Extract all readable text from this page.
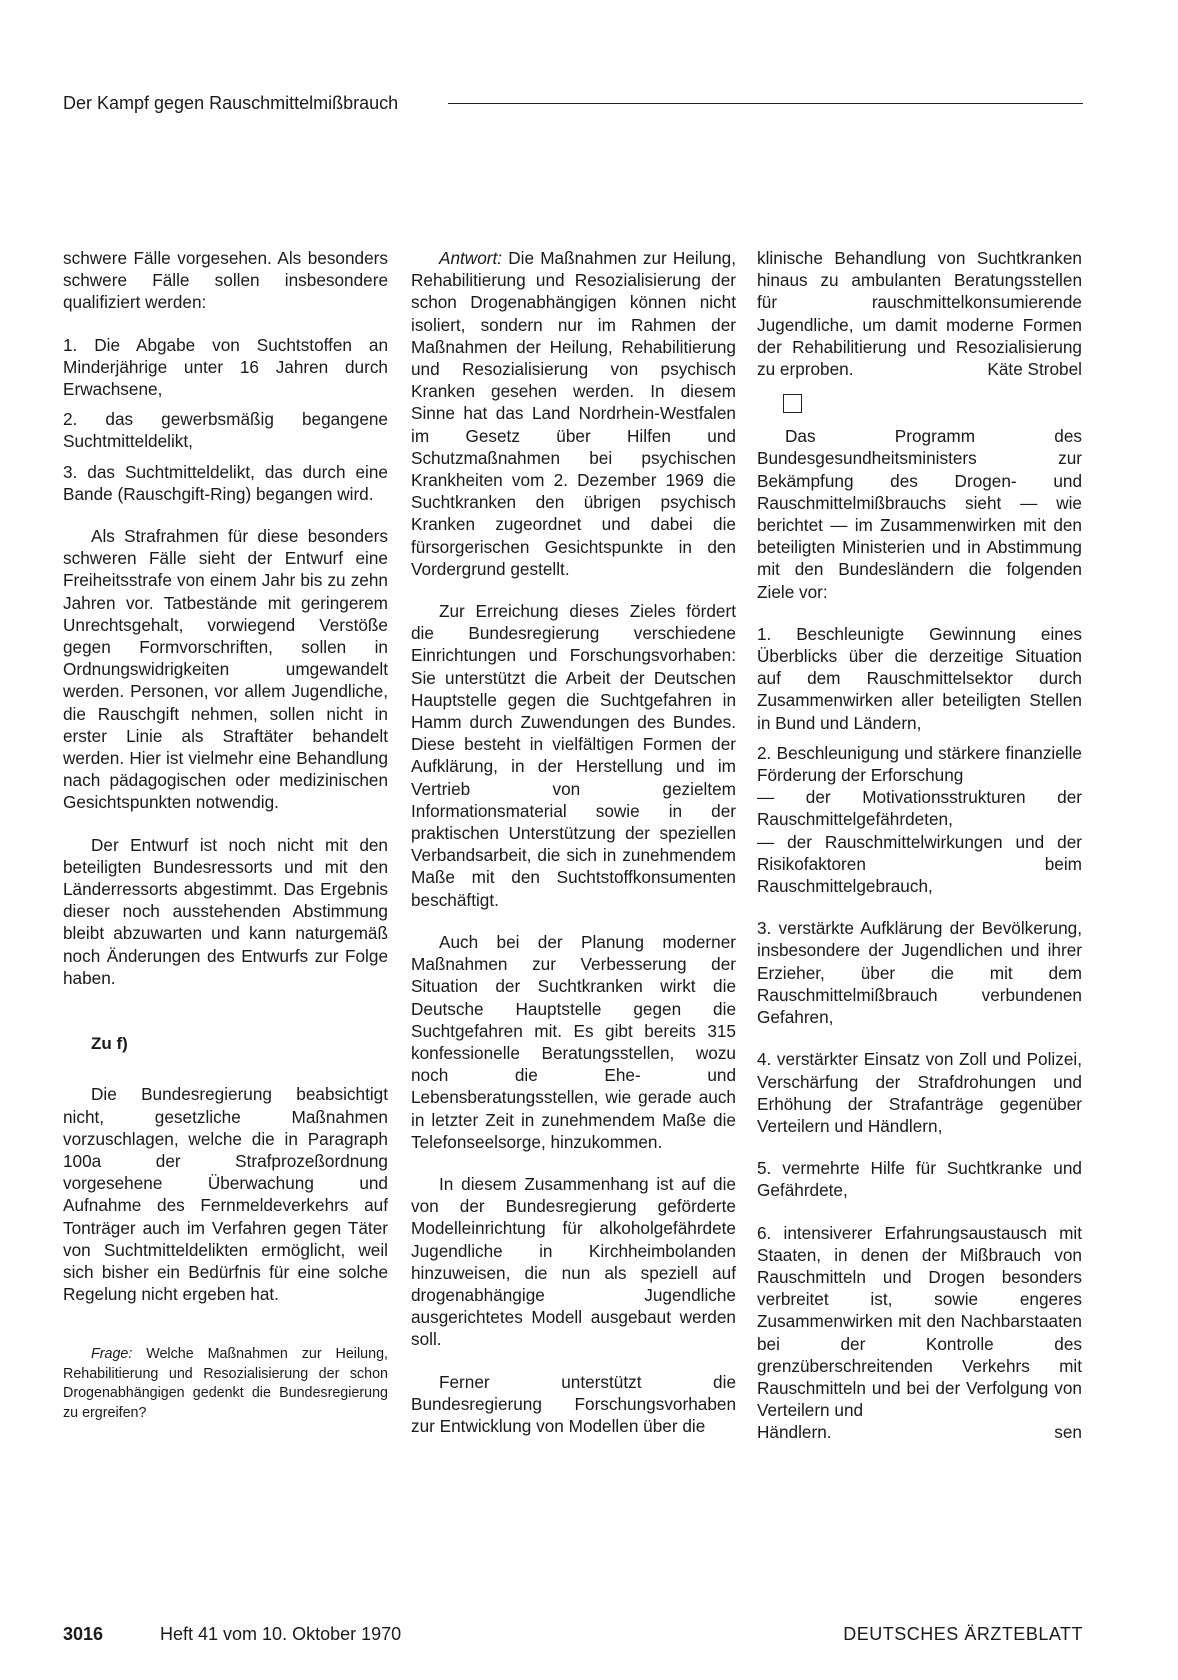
Der Kampf gegen Rauschmittelmißbrauch

schwere Fälle vorgesehen. Als besonders schwere Fälle sollen insbesondere qualifiziert werden:

1. Die Abgabe von Suchtstoffen an Minderjährige unter 16 Jahren durch Erwachsene,

2. das gewerbsmäßig begangene Suchtmitteldelikt,

3. das Suchtmitteldelikt, das durch eine Bande (Rauschgift-Ring) begangen wird.

Als Strafrahmen für diese besonders schweren Fälle sieht der Entwurf eine Freiheitsstrafe von einem Jahr bis zu zehn Jahren vor. Tatbestände mit geringerem Unrechtsgehalt, vorwiegend Verstöße gegen Formvorschriften, sollen in Ordnungswidrigkeiten umgewandelt werden. Personen, vor allem Jugendliche, die Rauschgift nehmen, sollen nicht in erster Linie als Straftäter behandelt werden. Hier ist vielmehr eine Behandlung nach pädagogischen oder medizinischen Gesichtspunkten notwendig.

Der Entwurf ist noch nicht mit den beteiligten Bundesressorts und mit den Länderressorts abgestimmt. Das Ergebnis dieser noch ausstehenden Abstimmung bleibt abzuwarten und kann naturgemäß noch Änderungen des Entwurfs zur Folge haben.

Zu f)

Die Bundesregierung beabsichtigt nicht, gesetzliche Maßnahmen vorzuschlagen, welche die in Paragraph 100a der Strafprozeßordnung vorgesehene Überwachung und Aufnahme des Fernmeldeverkehrs auf Tonträger auch im Verfahren gegen Täter von Suchtmitteldelikten ermöglicht, weil sich bisher ein Bedürfnis für eine solche Regelung nicht ergeben hat.

Frage: Welche Maßnahmen zur Heilung, Rehabilitierung und Resozialisierung der schon Drogenabhängigen gedenkt die Bundesregierung zu ergreifen?

Antwort: Die Maßnahmen zur Heilung, Rehabilitierung und Resozialisierung der schon Drogenabhängigen können nicht isoliert, sondern nur im Rahmen der Maßnahmen der Heilung, Rehabilitierung und Resozialisierung von psychisch Kranken gesehen werden. In diesem Sinne hat das Land Nordrhein-Westfalen im Gesetz über Hilfen und Schutzmaßnahmen bei psychischen Krankheiten vom 2. Dezember 1969 die Suchtkranken den übrigen psychisch Kranken zugeordnet und dabei die fürsorgerischen Gesichtspunkte in den Vordergrund gestellt.

Zur Erreichung dieses Zieles fördert die Bundesregierung verschiedene Einrichtungen und Forschungsvorhaben: Sie unterstützt die Arbeit der Deutschen Hauptstelle gegen die Suchtgefahren in Hamm durch Zuwendungen des Bundes. Diese besteht in vielfältigen Formen der Aufklärung, in der Herstellung und im Vertrieb von gezieltem Informationsmaterial sowie in der praktischen Unterstützung der speziellen Verbandsarbeit, die sich in zunehmendem Maße mit den Suchtstoffkonsumenten beschäftigt.

Auch bei der Planung moderner Maßnahmen zur Verbesserung der Situation der Suchtkranken wirkt die Deutsche Hauptstelle gegen die Suchtgefahren mit. Es gibt bereits 315 konfessionelle Beratungsstellen, wozu noch die Ehe- und Lebensberatungsstellen, wie gerade auch in letzter Zeit in zunehmendem Maße die Telefonseelsorge, hinzukommen.

In diesem Zusammenhang ist auf die von der Bundesregierung geförderte Modelleinrichtung für alkoholgefährdete Jugendliche in Kirchheimbolanden hinzuweisen, die nun als speziell auf drogenabhängige Jugendliche ausgerichtetes Modell ausgebaut werden soll.

Ferner unterstützt die Bundesregierung Forschungsvorhaben zur Entwicklung von Modellen über die

klinische Behandlung von Suchtkranken hinaus zu ambulanten Beratungsstellen für rauschmittelkonsumierende Jugendliche, um damit moderne Formen der Rehabilitierung und Resozialisierung zu erproben.	Käte Strobel

Das Programm des Bundesgesundheitsministers zur Bekämpfung des Drogen- und Rauschmittelmißbrauchs sieht — wie berichtet — im Zusammenwirken mit den beteiligten Ministerien und in Abstimmung mit den Bundesländern die folgenden Ziele vor:

1. Beschleunigte Gewinnung eines Überblicks über die derzeitige Situation auf dem Rauschmittelsektor durch Zusammenwirken aller beteiligten Stellen in Bund und Ländern,

2. Beschleunigung und stärkere finanzielle Förderung der Erforschung

— der Motivationsstrukturen der Rauschmittelgefährdeten,

— der Rauschmittelwirkungen und der Risikofaktoren beim Rauschmittelgebrauch,

3. verstärkte Aufklärung der Bevölkerung, insbesondere der Jugendlichen und ihrer Erzieher, über die mit dem Rauschmittelmißbrauch verbundenen Gefahren,

4. verstärkter Einsatz von Zoll und Polizei, Verschärfung der Strafdrohungen und Erhöhung der Strafanträge gegenüber Verteilern und Händlern,

5. vermehrte Hilfe für Suchtkranke und Gefährdete,

6. intensiverer Erfahrungsaustausch mit Staaten, in denen der Mißbrauch von Rauschmitteln und Drogen besonders verbreitet ist, sowie engeres Zusammenwirken mit den Nachbarstaaten bei der Kontrolle des grenzüberschreitenden Verkehrs mit Rauschmitteln und bei der Verfolgung von Verteilern und

Händlern.	sen
3016	Heft 41 vom 10. Oktober 1970	DEUTSCHES ÄRZTEBLATT
